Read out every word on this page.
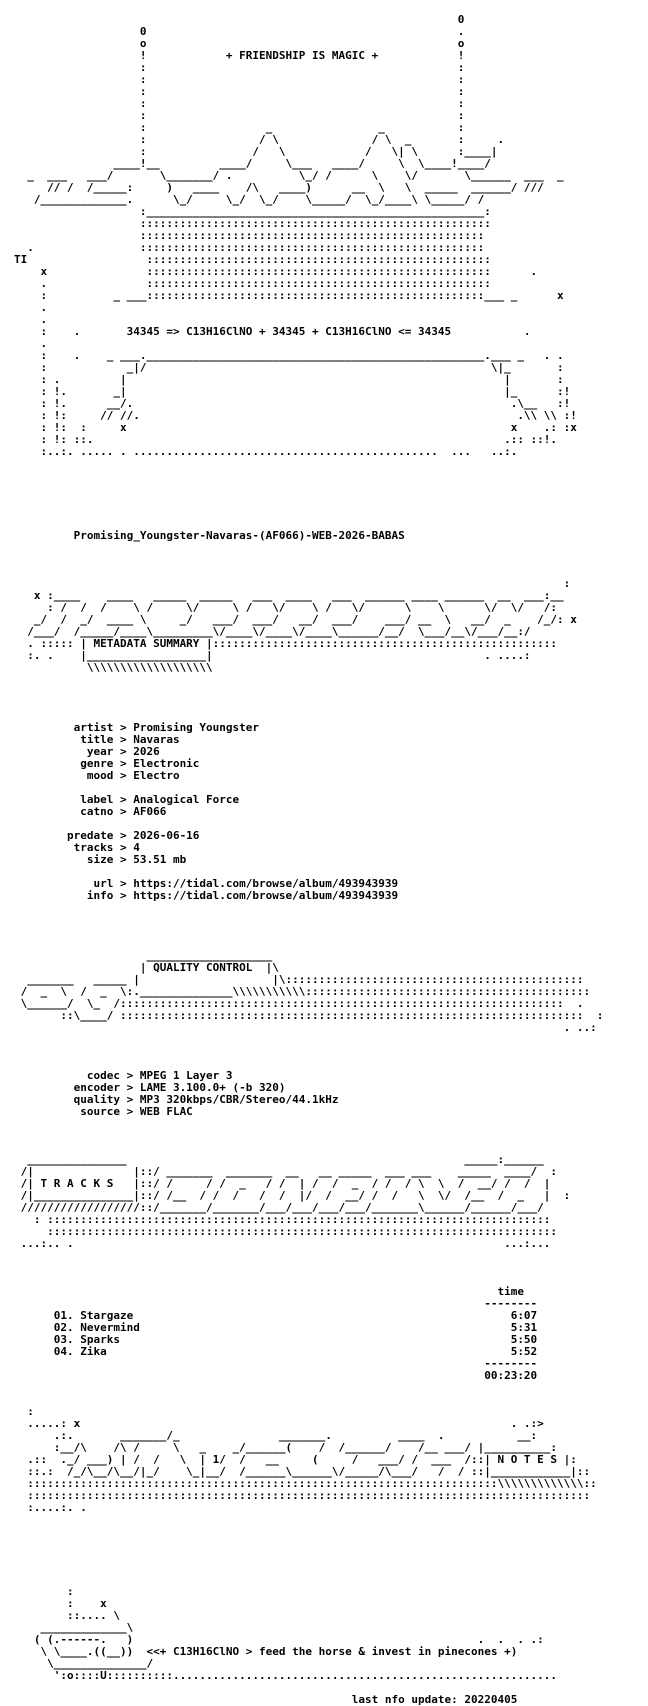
0
0                                               .
o                                               o
!            + FRIENDSHIP IS MAGIC +            !
:                                               :
:                                               :
:                                               :
:                                               :
:                                               :
:                  _                _           :
:                 / \              / \  _       :     .
:                /   \            /   \| \      :____|
____!__         ____/     \___   ____/     \  \____!____/
_  ___   ___/       \_______/ .          \_/ /      \    \/       \______  ___  _
// /  /_____:     )   ____    /\   ____)      __  \   \  _____  ______/ ///
/_____________.      \_/     \_/  \_/    \_____/  \_/____\ \_____/ /
:___________________________________________________:
:::::::::::::::::::::::::::::::::::::::::::::::::::::
::::::::::::::::::::::::::::::::::::::::::::::::::::
.                ::::::::::::::::::::::::::::::::::::::::::::::::::::
TI                  ::::::::::::::::::::::::::::::::::::::::::::::::::::
x               ::::::::::::::::::::::::::::::::::::::::::::::::::::      .
.               ::::::::::::::::::::::::::::::::::::::::::::::::::::
:          _ ___:::::::::::::::::::::::::::::::::::::::::::::::::::___ _      x
.
.
:    .       34345 => C13H16ClNO + 34345 + C13H16ClNO <= 34345           .
.
:    .    _ ___.___________________________________________________.___ _   . .
:            _|/                                                    \|_       :
: .         |                                                         |       :
: !.       _|                                                         |_      :!
: !.      __/.                                                         .\__   :!
: !:     // //.                                                         .\\ \\ :!
: !:  :     x                                                          x    .: :x
: !: ::.                                                              .:: ::!.
:..:. ..... . ..............................................  ...   ..:.

Promising_Youngster-Navaras-(AF066)-WEB-2026-BABAS

:
x :____    ____   _____  _____   ___  ____   ___  ______ ____ ______  __  ___:__
: /  /  /    \ /     \/     \ /   \/    \ /   \/      \    \      \/  \/   /:
_/  /  _/  ____ \     _/   ___/  ___/   __/  ___/    ___/ __  \   __/  _    /_/: x
/___/  /_____/____\_________\/____\/____\/____\______/__/  \___/__\/___/__:/
. ::::: | METADATA SUMMARY |::::::::::::::::::::::::::::::::::::::::::::::::::::
:. .    |__________________|                                         . ....:
\\\\\\\\\\\\\\\\\\\

artist > Promising Youngster
title > Navaras
year > 2026
genre > Electronic
mood > Electro

label > Analogical Force
catno > AF066

predate > 2026-06-16
tracks > 4
size > 53.51 mb

url > https://tidal.com/browse/album/493943939
info > https://tidal.com/browse/album/493943939

___________________
| QUALITY CONTROL  |\
_______   _____ |                    |\:::::::::::::::::::::::::::::::::::::::::::::
/  _  \  /  _  \:.______________\\\\\\\\\\\:::::::::::::::::::::::::::::::::::::::::::
\______/  \_  /:::::::::::::::::::::::::::::::::::::::::::::::::::::::::::::::::::  .
::\____/ ::::::::::::::::::::::::::::::::::::::::::::::::::::::::::::::::::::::  :
. ..:

codec > MPEG 1 Layer 3
encoder > LAME 3.100.0+ (-b 320)
quality > MP3 320kbps/CBR/Stereo/44.1kHz
source > WEB FLAC

_______________                                                   _____:______
/|               |::/ _______  _______  __   __ _____  ___ ___    _____  ____/  :
/| T R A C K S   |::/ /     / /  _   / /  | /  /  _  / /  / \  \  /  __/ /  /  |
/|_______________|::/ /__  / /  /   /  /  |/  /  __/ /  /   \  \/  /__  /  _   |  :
//////////////////::/_______/_______/___/___/___/___/_______\______/______/___/
: ::::::::::::::::::::::::::::::::::::::::::::::::::::::::::::::::::::::::::::
:::::::::::::::::::::::::::::::::::::::::::::::::::::::::::::::::::::::::::::
...:.. .                                                                 ...:...

time
--------
01. Stargaze                                                         6:07
02. Nevermind                                                        5:31
03. Sparks                                                           5:50
04. Zika                                                             5:52
--------
00:23:20

:
.....: x                                                                 . .:>
.:.       _______/_               _______.          ____  .           __:
:__/\    /\ /     \   _    _/______(    /  /______/    /__ ___/ |__________:
.::  ._/ ___) | /  /   \  | 1/  /   __     (     /   ___/ /  ___  /::| N O T E S |:
::.:  /_/\__/\__/|_/    \_|__/  /______\______\/_____/\___/   /  / ::|____________|::
:::::::::::::::::::::::::::::::::::::::::::::::::::::::::::::::::::::::\\\\\\\\\\\\\::
:::::::::::::::::::::::::::::::::::::::::::::::::::::::::::::::::::::::::::::::::::::
:....:. .

:
:    x
::.... \
_____________\
( (.------.   )                                                    .  .  . .:
\ \____.((__))  <<+ C13H16ClNO > feed the horse & invest in pinecones +)
\______________/
':o::::U::::::::::..........................................................

last nfo update: 20220405
